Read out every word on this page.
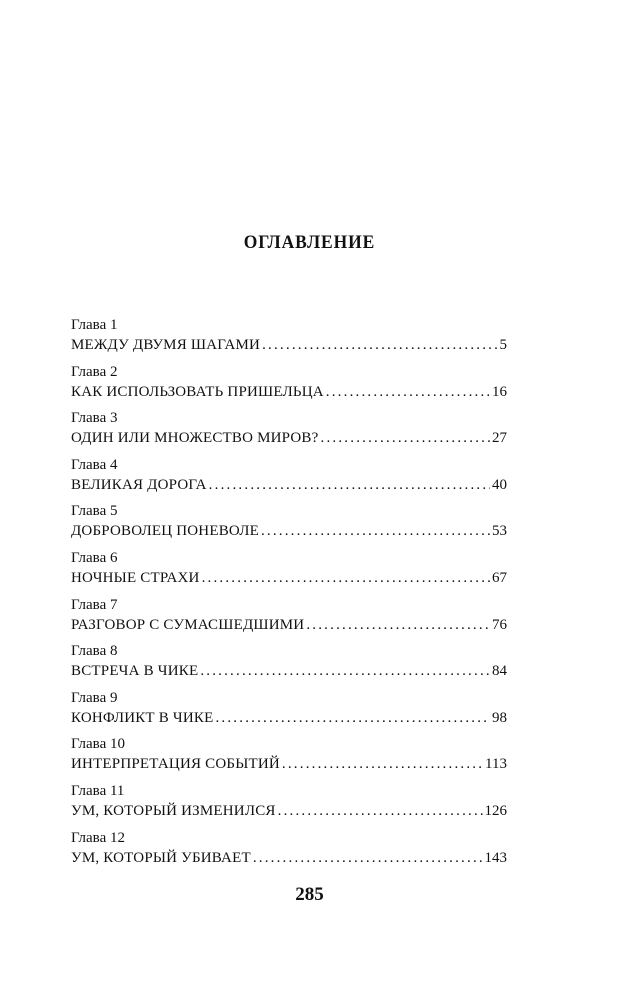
ОГЛАВЛЕНИЕ
Глава 1
МЕЖДУ ДВУМЯ ШАГАМИ .....	5
Глава 2
КАК ИСПОЛЬЗОВАТЬ ПРИШЕЛЬЦА .....	16
Глава 3
ОДИН ИЛИ МНОЖЕСТВО МИРОВ? .....	27
Глава 4
ВЕЛИКАЯ ДОРОГА .....	40
Глава 5
ДОБРОВОЛЕЦ ПОНЕВОЛЕ .....	53
Глава 6
НОЧНЫЕ СТРАХИ .....	67
Глава 7
РАЗГОВОР С СУМАСШЕДШИМИ .....	76
Глава 8
ВСТРЕЧА В ЧИКЕ .....	84
Глава 9
КОНФЛИКТ В ЧИКЕ .....	98
Глава 10
ИНТЕРПРЕТАЦИЯ СОБЫТИЙ .....	113
Глава 11
УМ, КОТОРЫЙ ИЗМЕНИЛСЯ .....	126
Глава 12
УМ, КОТОРЫЙ УБИВАЕТ .....	143
285
